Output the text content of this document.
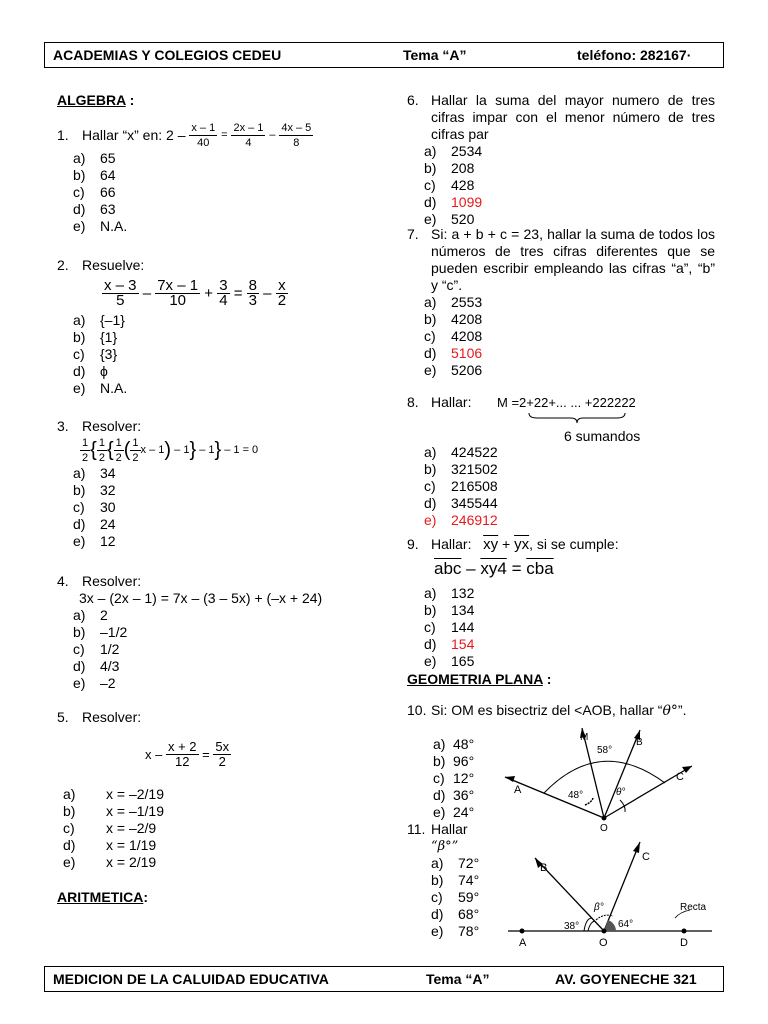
ACADEMIAS Y COLEGIOS CEDEU	Tema “A”	teléfono: 282167·
ALGEBRA :
1. Hallar “x” en: 2 –
$\frac{x - 1}{40}$
=
$\frac{2x - 1}{4}$
–
$\frac{4x - 5}{8}$
a)	65
b)	64
c)	66
d)	63
e)	N.A.
2. Resuelve:
$\frac{x - 3}{5}$
–
$\frac{7x - 1}{10}$
+
$\frac{3}{4}$
=
$\frac{8}{3}$
–
$\frac{x}{2}$
a)	{–1}
b)	{1}
c)	{3}
d)	ϕ
e)	N.A.
3. Resolver:
$\frac{1}{2}$ { $\frac{1}{2}$ { $\frac{1}{2}$ ( $\frac{1}{2}$ x – 1 )
– 1 }
– 1 }
– 1 = 0
a)	34
b)	32
c)	30
d)	24
e)	12
4. Resolver:
3x – (2x – 1) = 7x – (3 – 5x) + (–x + 24)
a)	2
b)	–1/2
c)	1/2
d)	4/3
e)	–2
5. Resolver:
x –
$\frac{x + 2}{12}$
=
$\frac{5x}{2}$
a)	x = –2/19
b)	x = –1/19
c)	x = –2/9
d)	x = 1/19
e)	x = 2/19
ARITMETICA:
6. Hallar la suma del mayor numero de tres cifras impar con el menor número de tres cifras par

a)	2534
b)	208
c)	428
d)	1099
e)	520
7. Si: a + b + c = 23, hallar la suma de todos los números de tres cifras diferentes que se pueden escribir empleando las cifras “a”, “b” y “c”.

a)	2553
b)	4208
c)	4208
d)	5106
e)	5206
8. Hallar: M =2+22+... ... +222222
6 sumandos
a)	424522
b)	321502
c)	216508
d)	345544
e)	246912
9. Hallar: $\overline{xy} + \overline{yx}$, si se cumple:
$\overline{abc} - xy4 = \overline{cba}$
a)	132
b)	134
c)	144
d)	154
e)	165
GEOMETRIA PLANA :
10. Si: OM es bisectriz del <AOB, hallar “θ°”.
a) 48°
b) 96°
c) 12°
d) 36°
e) 24°
11. Hallar
“β°”
a)	72°
b)	74°
c)	59°
d)	68°
e)	78°
A
M	B
C
O
58°
48°	θ°
B
C
A	O	D
38°	64°
β°	Recta
MEDICION DE LA CALUIDAD EDUCATIVA	Tema “A”	AV. GOYENECHE 321
